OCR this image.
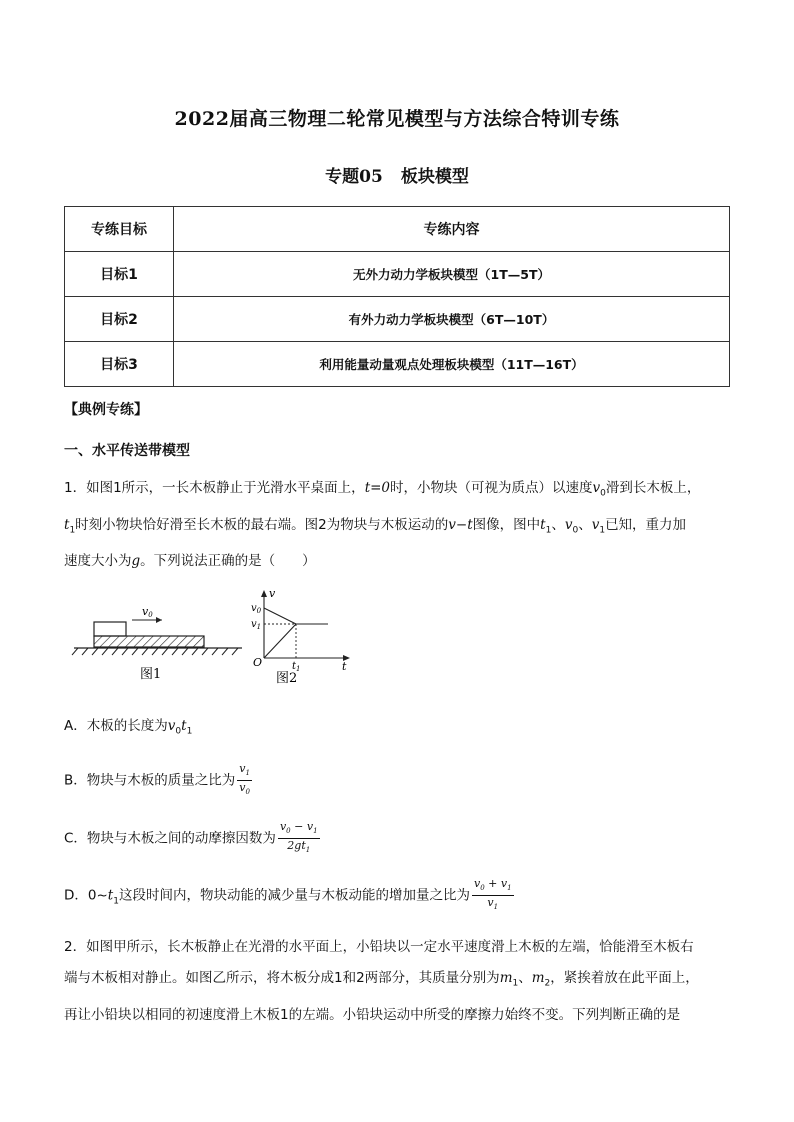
2022届高三物理二轮常见模型与方法综合特训专练
专题05 板块模型
专练目标	专练内容
目标1	无外力动力学板块模型（1T—5T）
目标2	有外力动力学板块模型（6T—10T）
目标3	利用能量动量观点处理板块模型（11T—16T）
【典例专练】
一、水平传送带模型
1．如图1所示，一长木板静止于光滑水平桌面上，t=0时，小物块（可视为质点）以速度$v_0$滑到长木板上，
$t_1$时刻小物块恰好滑至长木板的最右端。图2为物块与木板运动的v−t图像，图中$t_1$、$v_0$、$v_1$已知，重力加
速度大小为g。下列说法正确的是（　　）
v0
图1
v
t
O
$v_0$
$v_1$
$t_1$
图2
A．木板的长度为$v_0t_1$
B．物块与木板的质量之比为 $\frac{v_1}{v_0}$
C．物块与木板之间的动摩擦因数为 $\frac{v_0 - v_1}{2gt_1}$
D．$0\sim t_1$这段时间内，物块动能的减少量与木板动能的增加量之比为 $\frac{v_0 + v_1}{v_1}$
2．如图甲所示，长木板静止在光滑的水平面上，小铅块以一定水平速度滑上木板的左端，恰能滑至木板右
端与木板相对静止。如图乙所示，将木板分成1和2两部分，其质量分别为$m_1$、$m_2$，紧挨着放在此平面上，
再让小铅块以相同的初速度滑上木板1的左端。小铅块运动中所受的摩擦力始终不变。下列判断正确的是
